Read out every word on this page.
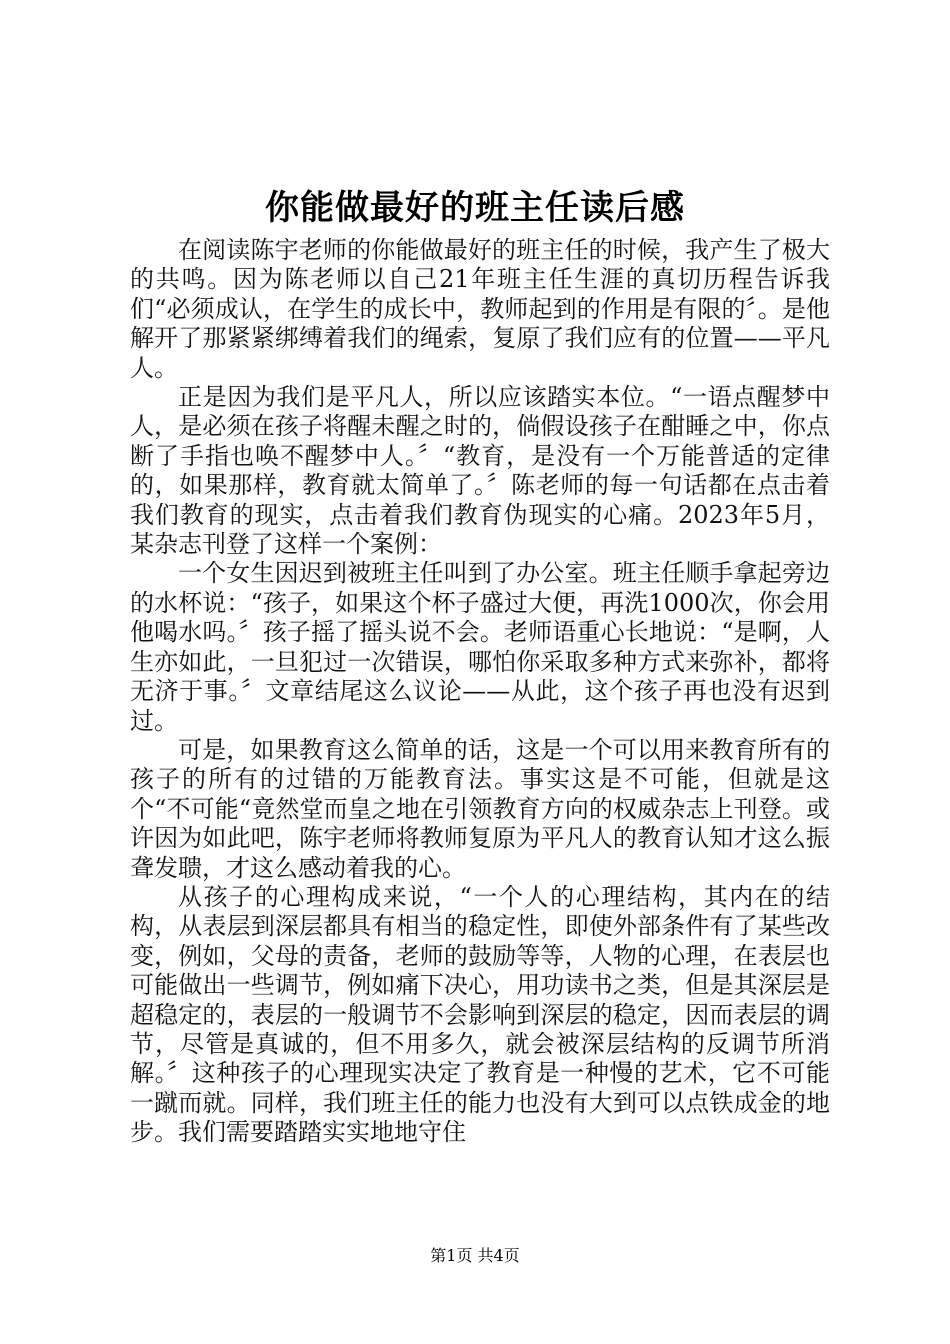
你能做最好的班主任读后感

在阅读陈宇老师的你能做最好的班主任的时候，我产生了极大的共鸣。因为陈老师以自己21年班主任生涯的真切历程告诉我们“必须成认，在学生的成长中，教师起到的作用是有限的〞。是他解开了那紧紧绑缚着我们的绳索，复原了我们应有的位置——平凡人。

正是因为我们是平凡人，所以应该踏实本位。“一语点醒梦中人，是必须在孩子将醒未醒之时的，倘假设孩子在酣睡之中，你点断了手指也唤不醒梦中人。〞“教育，是没有一个万能普适的定律的，如果那样，教育就太简单了。〞陈老师的每一句话都在点击着我们教育的现实，点击着我们教育伪现实的心痛。2023年5月，某杂志刊登了这样一个案例：

一个女生因迟到被班主任叫到了办公室。班主任顺手拿起旁边的水杯说：“孩子，如果这个杯子盛过大便，再洗1000次，你会用他喝水吗。〞孩子摇了摇头说不会。老师语重心长地说：“是啊，人生亦如此，一旦犯过一次错误，哪怕你采取多种方式来弥补，都将无济于事。〞文章结尾这么议论——从此，这个孩子再也没有迟到过。

可是，如果教育这么简单的话，这是一个可以用来教育所有的孩子的所有的过错的万能教育法。事实这是不可能，但就是这个“不可能“竟然堂而皇之地在引领教育方向的权威杂志上刊登。或许因为如此吧，陈宇老师将教师复原为平凡人的教育认知才这么振聋发聩，才这么感动着我的心。

从孩子的心理构成来说，“一个人的心理结构，其内在的结构，从表层到深层都具有相当的稳定性，即使外部条件有了某些改变，例如，父母的责备，老师的鼓励等等，人物的心理，在表层也可能做出一些调节，例如痛下决心，用功读书之类，但是其深层是超稳定的，表层的一般调节不会影响到深层的稳定，因而表层的调节，尽管是真诚的，但不用多久，就会被深层结构的反调节所消解。〞这种孩子的心理现实决定了教育是一种慢的艺术，它不可能一蹴而就。同样，我们班主任的能力也没有大到可以点铁成金的地步。我们需要踏踏实实地地守住

第1页 共4页
